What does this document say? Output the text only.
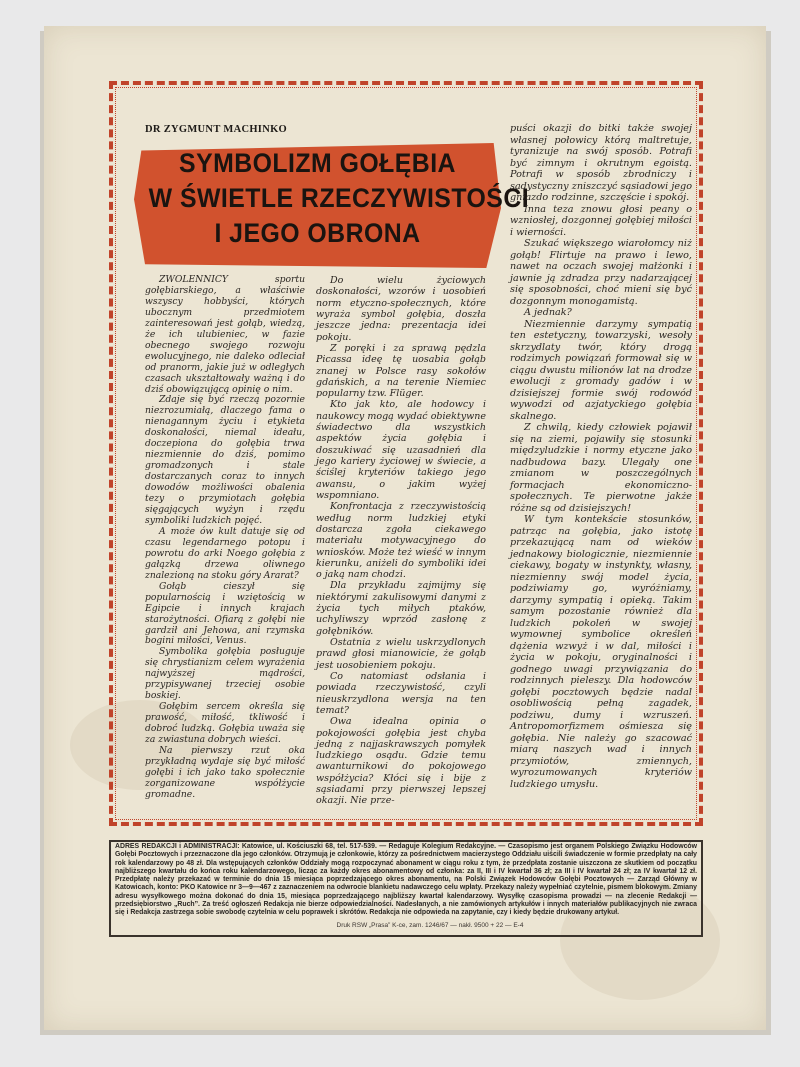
DR ZYGMUNT MACHINKO
SYMBOLIZM GOŁĘBIA
W ŚWIETLE RZECZYWISTOŚCI
I JEGO OBRONA

ZWOLENNICY sportu gołębiarskiego, a właściwie wszyscy hobbyści, których ubocznym przedmiotem zainteresowań jest gołąb, wiedzą, że ich ulubieniec, w fazie obecnego swojego rozwoju ewolucyjnego, nie daleko odleciał od pranorm, jakie już w odległych czasach ukształtowały ważną i do dziś obowiązującą opinię o nim.

Zdaje się być rzeczą pozornie niezrozumiałą, dlaczego fama o nienagannym życiu i etykieta doskonałości, niemal ideału, doczepiona do gołębia trwa niezmiennie do dziś, pomimo gromadzonych i stale dostarczanych coraz to innych dowodów możliwości obalenia tezy o przymiotach gołębia sięgających wyżyn i rzędu symboliki ludzkich pojęć.

A może ów kult datuje się od czasu legendarnego potopu i powrotu do arki Noego gołębia z gałązką drzewa oliwnego znalezioną na stoku góry Ararat?

Gołąb cieszył się popularnością i wziętością w Egipcie i innych krajach starożytności. Ofiarą z gołębi nie gardził ani Jehowa, ani rzymska bogini miłości, Venus.

Symbolika gołębia posługuje się chrystianizm celem wyrażenia najwyższej mądrości, przypisywanej trzeciej osobie boskiej.

Gołębim sercem określa się prawość, miłość, tkliwość i dobroć ludzką. Gołębia uważa się za zwiastuna dobrych wieści.

Na pierwszy rzut oka przykładną wydaje się być miłość gołębi i ich jako tako społecznie zorganizowane współżycie gromadne.

Do wielu życiowych doskonałości, wzorów i uosobień norm etyczno-społecznych, które wyraża symbol gołębia, doszła jeszcze jedna: prezentacja idei pokoju.

Z poręki i za sprawą pędzla Picassa ideę tę uosabia gołąb znanej w Polsce rasy sokołów gdańskich, a na terenie Niemiec popularny tzw. Flüger.

Kto jak kto, ale hodowcy i naukowcy mogą wydać obiektywne świadectwo dla wszystkich aspektów życia gołębia i doszukiwać się uzasadnień dla jego kariery życiowej w świecie, a ściślej kryteriów takiego jego awansu, o jakim wyżej wspomniano.

Konfrontacja z rzeczywistością według norm ludzkiej etyki dostarcza zgoła ciekawego materiału motywacyjnego do wniosków. Może też wieść w innym kierunku, aniżeli do symboliki idei o jaką nam chodzi.

Dla przykładu zajmijmy się niektórymi zakulisowymi danymi z życia tych miłych ptaków, uchyliwszy wprzód zasłonę z gołębników.

Ostatnia z wielu uskrzydlonych prawd głosi mianowicie, że gołąb jest uosobieniem pokoju.

Co natomiast odsłania i powiada rzeczywistość, czyli nieuskrzydlona wersja na ten temat?

Owa idealna opinia o pokojowości gołębia jest chyba jedną z najjaskrawszych pomyłek ludzkiego osądu. Gdzie temu awanturnikowi do pokojowego współżycia? Kłóci się i bije z sąsiadami przy pierwszej lepszej okazji. Nie prze-

puści okazji do bitki także swojej własnej połowicy którą maltretuje, tyranizuje na swój sposób. Potrafi być zimnym i okrutnym egoistą. Potrafi w sposób zbrodniczy i sadystyczny zniszczyć sąsiadowi jego gniazdo rodzinne, szczęście i spokój.

Inna teza znowu głosi peany o wzniosłej, dozgonnej gołębiej miłości i wierności.

Szukać większego wiarołomcy niż gołąb! Flirtuje na prawo i lewo, nawet na oczach swojej małżonki i jawnie ją zdradza przy nadarzającej się sposobności, choć mieni się być dozgonnym monogamistą.

A jednak?

Niezmiennie darzymy sympatią ten estetyczny, towarzyski, wesoły skrzydlaty twór, który drogą rodzimych powiązań formował się w ciągu dwustu milionów lat na drodze ewolucji z gromady gadów i w dzisiejszej formie swój rodowód wywodzi od azjatyckiego gołębia skalnego.

Z chwilą, kiedy człowiek pojawił się na ziemi, pojawiły się stosunki międzyludzkie i normy etyczne jako nadbudowa bazy. Ulegały one zmianom w poszczególnych formacjach ekonomiczno-społecznych. Te pierwotne jakże różne są od dzisiejszych!

W tym kontekście stosunków, patrząc na gołębia, jako istotę przekazującą nam od wieków jednakowy biologicznie, niezmiennie ciekawy, bogaty w instynkty, własny, niezmienny swój model życia, podziwiamy go, wyróżniamy, darzymy sympatią i opieką. Takim samym pozostanie również dla ludzkich pokoleń w swojej wymownej symbolice określeń dążenia wzwyż i w dal, miłości i życia w pokoju, oryginalności i godnego uwagi przywiązania do rodzinnych pieleszy. Dla hodowców gołębi pocztowych będzie nadal osobliwością pełną zagadek, podziwu, dumy i wzruszeń. Antropomorfizmem ośmiesza się gołębia. Nie należy go szacować miarą naszych wad i innych przymiotów, zmiennych, wyrozumowanych kryteriów ludzkiego umysłu.

ADRES REDAKCJI i ADMINISTRACJI: Katowice, ul. Kościuszki 68, tel. 517-539. — Redaguje Kolegium Redakcyjne. — Czasopismo jest organem Polskiego Związku Hodowców Gołębi Pocztowych i przeznaczone dla jego członków. Otrzymują je członkowie, którzy za pośrednictwem macierzystego Oddziału uiścili świadczenie w formie przedpłaty na cały rok kalendarzowy po 48 zł. Dla wstępujących członków Oddziały mogą rozpoczynać abonament w ciągu roku z tym, że przedpłata zostanie uiszczona ze skutkiem od początku najbliższego kwartału do końca roku kalendarzowego, licząc za każdy okres abonamentowy od członka: za II, III i IV kwartał 36 zł; za III i IV kwartał 24 zł; za IV kwartał 12 zł. Przedpłatę należy przekazać w terminie do dnia 15 miesiąca poprzedzającego okres abonamentu, na Polski Związek Hodowców Gołębi Pocztowych — Zarząd Główny w Katowicach, konto: PKO Katowice nr 3—9—467 z zaznaczeniem na odwrocie blankietu nadawczego celu wpłaty. Przekazy należy wypełniać czytelnie, pismem blokowym. Zmiany adresu wysyłkowego można dokonać do dnia 15, miesiąca poprzedzającego najbliższy kwartał kalendarzowy. Wysyłkę czasopisma prowadzi — na zlecenie Redakcji — przedsiębiorstwo „Ruch”. Za treść ogłoszeń Redakcja nie bierze odpowiedzialności. Nadesłanych, a nie zamówionych artykułów i innych materiałów publikacyjnych nie zwraca się i Redakcja zastrzega sobie swobodę czytelnia w celu poprawek i skrótów. Redakcja nie odpowieda na zapytanie, czy i kiedy będzie drukowany artykuł.
Druk RSW „Prasa” K-ce, zam. 1246/67 — nakł. 9500 + 22 — E-4
